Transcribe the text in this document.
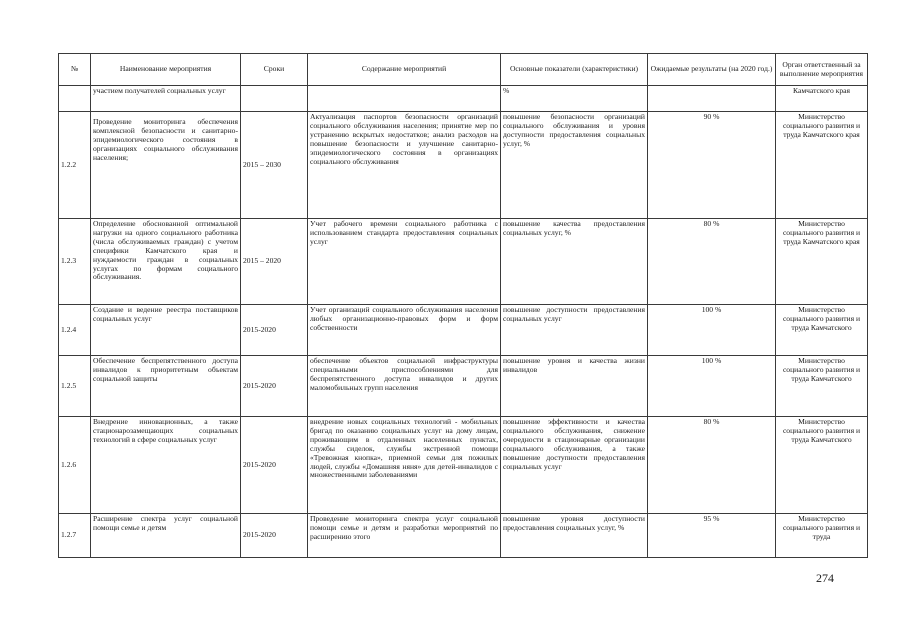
№	Наименование мероприятия	Сроки	Содержание мероприятий	Основные показатели (характеристики)	Ожидаемые результаты (на 2020 год.)	Орган ответственный за выполнение мероприятия
	участием получателей социальных услуг			%		Камчатского края
1.2.2	Проведение мониторинга обеспечения комплексной безопасности и санитарно-эпидемиологического состояния в организациях социального обслуживания населения;	2015 – 2030	Актуализация паспортов безопасности организаций социального обслуживания населения; принятие мер по устранению вскрытых недостатков; анализ расходов на повышение безопасности и улучшение санитарно-эпидемиологического состояния в организациях социального обслуживания	повышение безопасности организаций социального обслуживания и уровня доступности предоставления социальных услуг, %	90 %	Министерство социального развития и труда Камчатского края
1.2.3	Определение обоснованной оптимальной нагрузки на одного социального работника (числа обслуживаемых граждан) с учетом специфики Камчатского края и нуждаемости граждан в социальных услугах по формам социального обслуживания.	2015 – 2020	Учет рабочего времени социального работника с использованием стандарта предоставления социальных услуг	повышение качества предоставления социальных услуг, %	80 %	Министерство социального развития и труда Камчатского края
1.2.4	Создание и ведение реестра поставщиков социальных услуг	2015-2020	Учет организаций социального обслуживания населения любых организационно-правовых форм и форм собственности	повышение доступности предоставления социальных услуг	100 %	Министерство социального развития и труда Камчатского
1.2.5	Обеспечение беспрепятственного доступа инвалидов к приоритетным объектам социальной защиты	2015-2020	обеспечение объектов социальной инфраструктуры специальными приспособлениями для беспрепятственного доступа инвалидов и других маломобильных групп населения	повышение уровня и качества жизни инвалидов	100 %	Министерство социального развития и труда Камчатского
1.2.6	Внедрение инновационных, а также стационарозамещающих социальных технологий в сфере социальных услуг	2015-2020	внедрение новых социальных технологий - мобильных бригад по оказанию социальных услуг на дому лицам, проживающим в отдаленных населенных пунктах, службы сиделок, службы экстренной помощи «Тревожная кнопка», приемной семьи для пожилых людей, службы «Домашняя няня» для детей-инвалидов с множественными заболеваниями	повышение эффективности и качества социального обслуживания, снижение очередности в стационарные организации социального обслуживания, а также повышение доступности предоставления социальных услуг	80 %	Министерство социального развития и труда Камчатского
1.2.7	Расширение спектра услуг социальной помощи семье и детям	2015-2020	Проведение мониторинга спектра услуг социальной помощи семье и детям и разработки мероприятий по расширению этого	повышение уровня доступности предоставления социальных услуг, %	95 %	Министерство социального развития и труда
274
